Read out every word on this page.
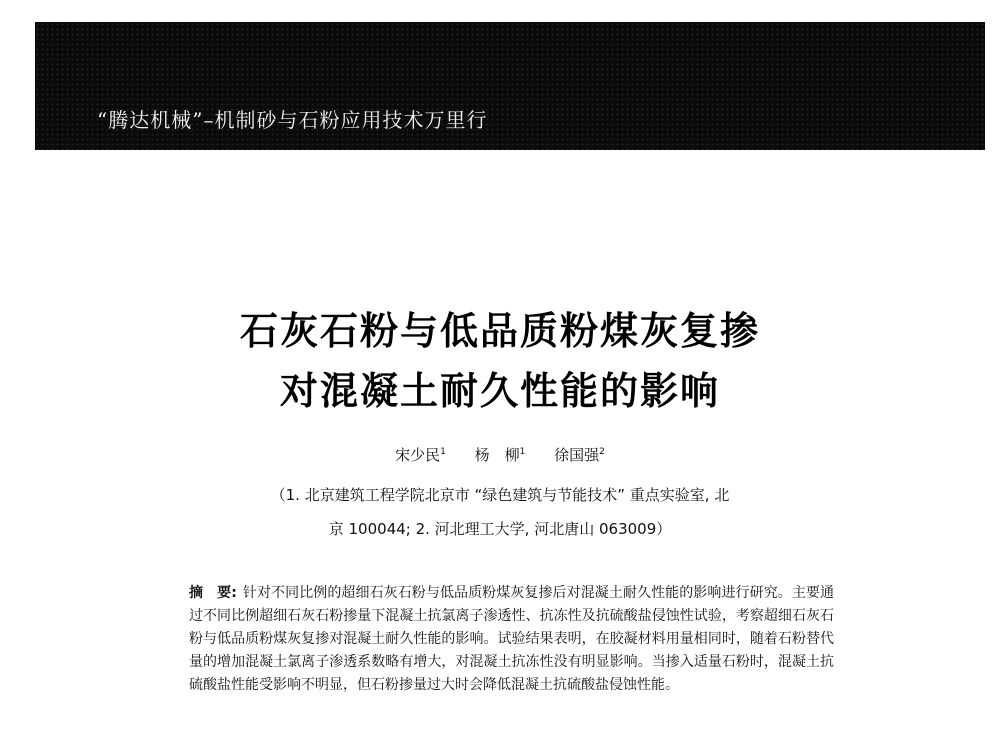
“腾达机械”–机制砂与石粉应用技术万里行
石灰石粉与低品质粉煤灰复掺
对混凝土耐久性能的影响
宋少民$^1$ 杨　柳$^1$ 徐国强$^2$
（1. 北京建筑工程学院北京市 “绿色建筑与节能技术” 重点实验室, 北
京 100044; 2. 河北理工大学, 河北唐山 063009）
摘　要: 针对不同比例的超细石灰石粉与低品质粉煤灰复掺后对混凝土耐久性能的影响进行研究。主要通过不同比例超细石灰石粉掺量下混凝土抗氯离子渗透性、抗冻性及抗硫酸盐侵蚀性试验，考察超细石灰石粉与低品质粉煤灰复掺对混凝土耐久性能的影响。试验结果表明，在胶凝材料用量相同时，随着石粉替代量的增加混凝土氯离子渗透系数略有增大，对混凝土抗冻性没有明显影响。当掺入适量石粉时，混凝土抗硫酸盐性能受影响不明显，但石粉掺量过大时会降低混凝土抗硫酸盐侵蚀性能。
